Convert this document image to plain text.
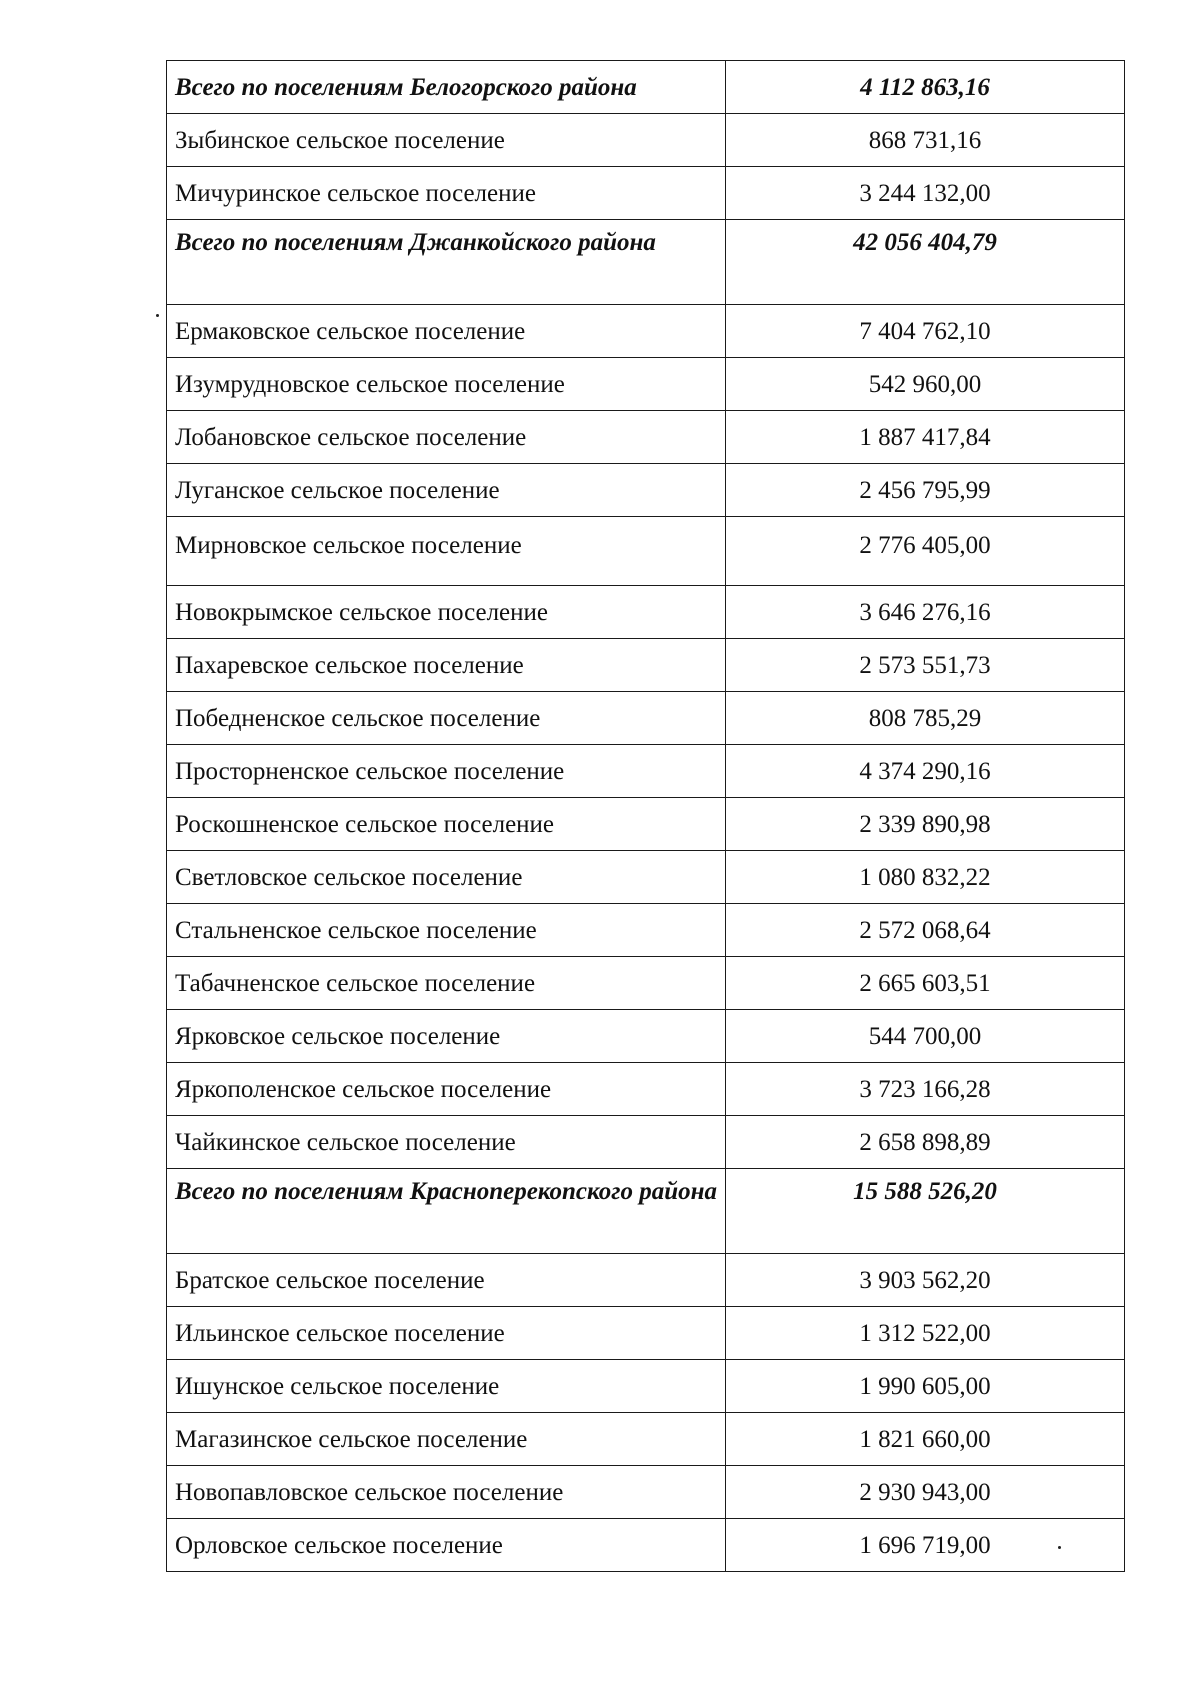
Всего по поселениям Белогорского района	4 112 863,16
Зыбинское сельское поселение	868 731,16
Мичуринское сельское поселение	3 244 132,00
Всего по поселениям Джанкойского района	42 056 404,79
Ермаковское сельское поселение	7 404 762,10
Изумрудновское сельское поселение	542 960,00
Лобановское сельское поселение	1 887 417,84
Луганское сельское поселение	2 456 795,99
Мирновское сельское поселение	2 776 405,00
Новокрымское сельское поселение	3 646 276,16
Пахаревское сельское поселение	2 573 551,73
Победненское сельское поселение	808 785,29
Просторненское сельское поселение	4 374 290,16
Роскошненское сельское поселение	2 339 890,98
Светловское сельское поселение	1 080 832,22
Стальненское сельское поселение	2 572 068,64
Табачненское сельское поселение	2 665 603,51
Ярковское сельское поселение	544 700,00
Яркополенское сельское поселение	3 723 166,28
Чайкинское сельское поселение	2 658 898,89
Всего по поселениям Красноперекопского района	15 588 526,20
Братское сельское поселение	3 903 562,20
Ильинское сельское поселение	1 312 522,00
Ишунское сельское поселение	1 990 605,00
Магазинское сельское поселение	1 821 660,00
Новопавловское сельское поселение	2 930 943,00
Орловское сельское поселение	1 696 719,00
